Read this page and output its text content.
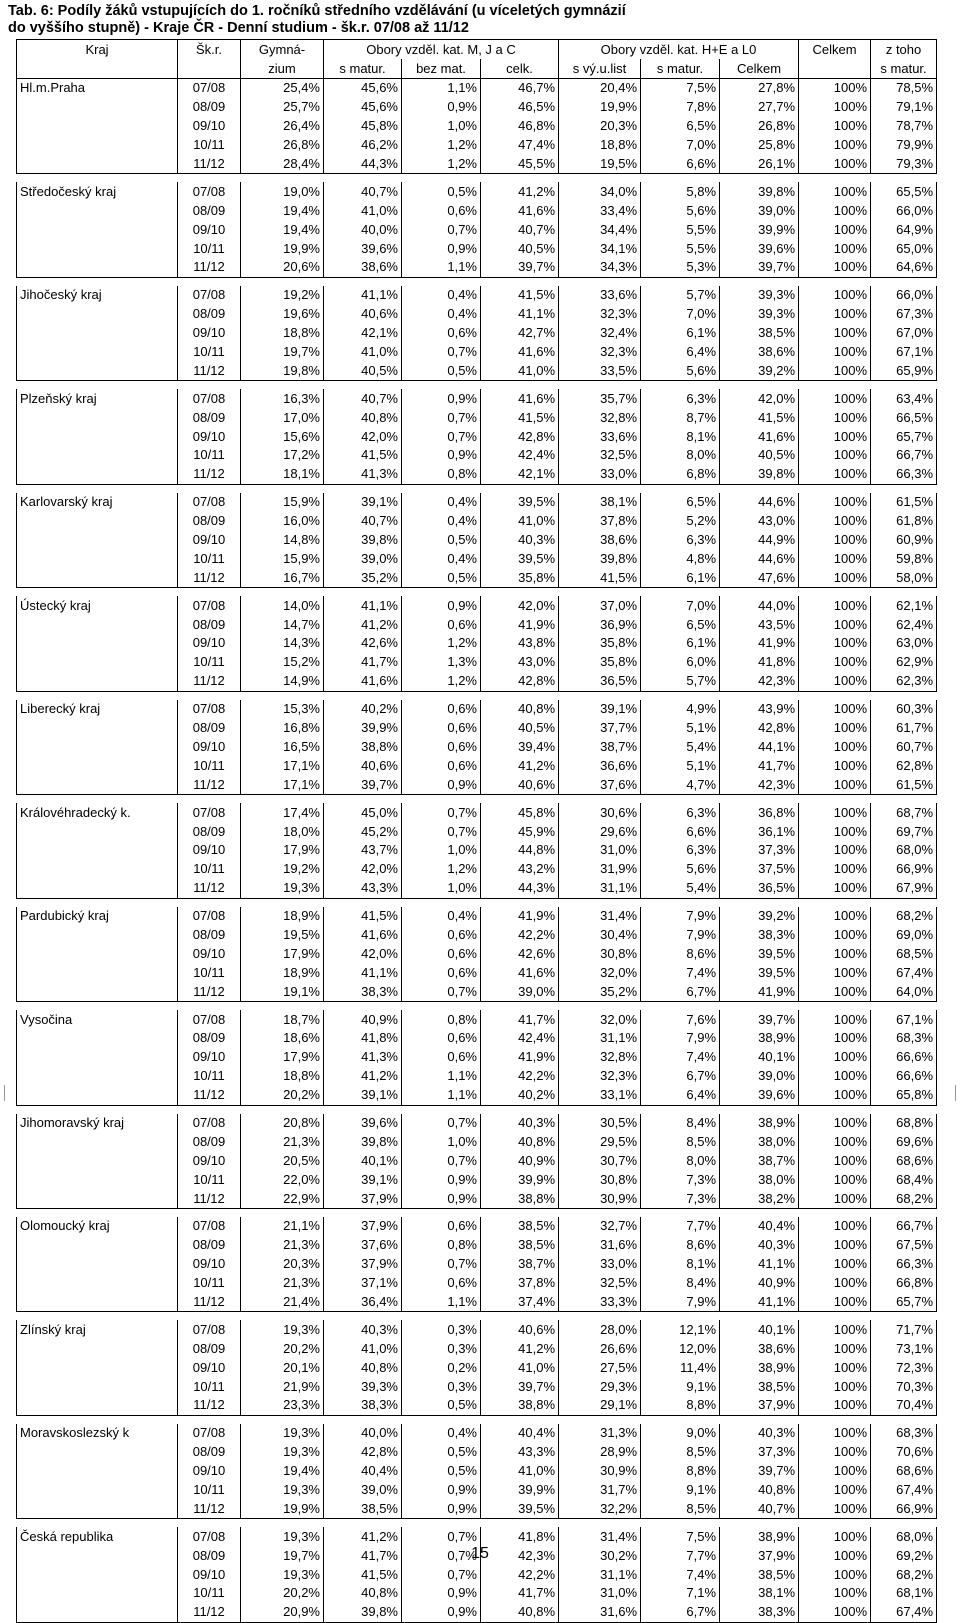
Tab. 6: Podíly žáků vstupujících do 1. ročníků středního vzdělávání (u víceletých gymnázií
do vyššího stupně) - Kraje ČR - Denní studium - šk.r. 07/08 až 11/12
Kraj	Šk.r.	Gymná-	Obory vzděl. kat. M, J a C			Obory vzděl. kat. H+E a L0			Celkem	z toho
		zium	s matur.	bez mat.	celk.	s vý.u.list	s matur.	Celkem		s matur.
Hl.m.Praha	07/08	25,4%	45,6%	1,1%	46,7%	20,4%	7,5%	27,8%	100%	78,5%
	08/09	25,7%	45,6%	0,9%	46,5%	19,9%	7,8%	27,7%	100%	79,1%
	09/10	26,4%	45,8%	1,0%	46,8%	20,3%	6,5%	26,8%	100%	78,7%
	10/11	26,8%	46,2%	1,2%	47,4%	18,8%	7,0%	25,8%	100%	79,9%
	11/12	28,4%	44,3%	1,2%	45,5%	19,5%	6,6%	26,1%	100%	79,3%

Středočeský kraj	07/08	19,0%	40,7%	0,5%	41,2%	34,0%	5,8%	39,8%	100%	65,5%
	08/09	19,4%	41,0%	0,6%	41,6%	33,4%	5,6%	39,0%	100%	66,0%
	09/10	19,4%	40,0%	0,7%	40,7%	34,4%	5,5%	39,9%	100%	64,9%
	10/11	19,9%	39,6%	0,9%	40,5%	34,1%	5,5%	39,6%	100%	65,0%
	11/12	20,6%	38,6%	1,1%	39,7%	34,3%	5,3%	39,7%	100%	64,6%

Jihočeský kraj	07/08	19,2%	41,1%	0,4%	41,5%	33,6%	5,7%	39,3%	100%	66,0%
	08/09	19,6%	40,6%	0,4%	41,1%	32,3%	7,0%	39,3%	100%	67,3%
	09/10	18,8%	42,1%	0,6%	42,7%	32,4%	6,1%	38,5%	100%	67,0%
	10/11	19,7%	41,0%	0,7%	41,6%	32,3%	6,4%	38,6%	100%	67,1%
	11/12	19,8%	40,5%	0,5%	41,0%	33,5%	5,6%	39,2%	100%	65,9%

Plzeňský kraj	07/08	16,3%	40,7%	0,9%	41,6%	35,7%	6,3%	42,0%	100%	63,4%
	08/09	17,0%	40,8%	0,7%	41,5%	32,8%	8,7%	41,5%	100%	66,5%
	09/10	15,6%	42,0%	0,7%	42,8%	33,6%	8,1%	41,6%	100%	65,7%
	10/11	17,2%	41,5%	0,9%	42,4%	32,5%	8,0%	40,5%	100%	66,7%
	11/12	18,1%	41,3%	0,8%	42,1%	33,0%	6,8%	39,8%	100%	66,3%

Karlovarský kraj	07/08	15,9%	39,1%	0,4%	39,5%	38,1%	6,5%	44,6%	100%	61,5%
	08/09	16,0%	40,7%	0,4%	41,0%	37,8%	5,2%	43,0%	100%	61,8%
	09/10	14,8%	39,8%	0,5%	40,3%	38,6%	6,3%	44,9%	100%	60,9%
	10/11	15,9%	39,0%	0,4%	39,5%	39,8%	4,8%	44,6%	100%	59,8%
	11/12	16,7%	35,2%	0,5%	35,8%	41,5%	6,1%	47,6%	100%	58,0%

Ústecký kraj	07/08	14,0%	41,1%	0,9%	42,0%	37,0%	7,0%	44,0%	100%	62,1%
	08/09	14,7%	41,2%	0,6%	41,9%	36,9%	6,5%	43,5%	100%	62,4%
	09/10	14,3%	42,6%	1,2%	43,8%	35,8%	6,1%	41,9%	100%	63,0%
	10/11	15,2%	41,7%	1,3%	43,0%	35,8%	6,0%	41,8%	100%	62,9%
	11/12	14,9%	41,6%	1,2%	42,8%	36,5%	5,7%	42,3%	100%	62,3%

Liberecký kraj	07/08	15,3%	40,2%	0,6%	40,8%	39,1%	4,9%	43,9%	100%	60,3%
	08/09	16,8%	39,9%	0,6%	40,5%	37,7%	5,1%	42,8%	100%	61,7%
	09/10	16,5%	38,8%	0,6%	39,4%	38,7%	5,4%	44,1%	100%	60,7%
	10/11	17,1%	40,6%	0,6%	41,2%	36,6%	5,1%	41,7%	100%	62,8%
	11/12	17,1%	39,7%	0,9%	40,6%	37,6%	4,7%	42,3%	100%	61,5%

Královéhradecký k.	07/08	17,4%	45,0%	0,7%	45,8%	30,6%	6,3%	36,8%	100%	68,7%
	08/09	18,0%	45,2%	0,7%	45,9%	29,6%	6,6%	36,1%	100%	69,7%
	09/10	17,9%	43,7%	1,0%	44,8%	31,0%	6,3%	37,3%	100%	68,0%
	10/11	19,2%	42,0%	1,2%	43,2%	31,9%	5,6%	37,5%	100%	66,9%
	11/12	19,3%	43,3%	1,0%	44,3%	31,1%	5,4%	36,5%	100%	67,9%

Pardubický kraj	07/08	18,9%	41,5%	0,4%	41,9%	31,4%	7,9%	39,2%	100%	68,2%
	08/09	19,5%	41,6%	0,6%	42,2%	30,4%	7,9%	38,3%	100%	69,0%
	09/10	17,9%	42,0%	0,6%	42,6%	30,8%	8,6%	39,5%	100%	68,5%
	10/11	18,9%	41,1%	0,6%	41,6%	32,0%	7,4%	39,5%	100%	67,4%
	11/12	19,1%	38,3%	0,7%	39,0%	35,2%	6,7%	41,9%	100%	64,0%

Vysočina	07/08	18,7%	40,9%	0,8%	41,7%	32,0%	7,6%	39,7%	100%	67,1%
	08/09	18,6%	41,8%	0,6%	42,4%	31,1%	7,9%	38,9%	100%	68,3%
	09/10	17,9%	41,3%	0,6%	41,9%	32,8%	7,4%	40,1%	100%	66,6%
	10/11	18,8%	41,2%	1,1%	42,2%	32,3%	6,7%	39,0%	100%	66,6%
	11/12	20,2%	39,1%	1,1%	40,2%	33,1%	6,4%	39,6%	100%	65,8%

Jihomoravský kraj	07/08	20,8%	39,6%	0,7%	40,3%	30,5%	8,4%	38,9%	100%	68,8%
	08/09	21,3%	39,8%	1,0%	40,8%	29,5%	8,5%	38,0%	100%	69,6%
	09/10	20,5%	40,1%	0,7%	40,9%	30,7%	8,0%	38,7%	100%	68,6%
	10/11	22,0%	39,1%	0,9%	39,9%	30,8%	7,3%	38,0%	100%	68,4%
	11/12	22,9%	37,9%	0,9%	38,8%	30,9%	7,3%	38,2%	100%	68,2%

Olomoucký kraj	07/08	21,1%	37,9%	0,6%	38,5%	32,7%	7,7%	40,4%	100%	66,7%
	08/09	21,3%	37,6%	0,8%	38,5%	31,6%	8,6%	40,3%	100%	67,5%
	09/10	20,3%	37,9%	0,7%	38,7%	33,0%	8,1%	41,1%	100%	66,3%
	10/11	21,3%	37,1%	0,6%	37,8%	32,5%	8,4%	40,9%	100%	66,8%
	11/12	21,4%	36,4%	1,1%	37,4%	33,3%	7,9%	41,1%	100%	65,7%

Zlínský kraj	07/08	19,3%	40,3%	0,3%	40,6%	28,0%	12,1%	40,1%	100%	71,7%
	08/09	20,2%	41,0%	0,3%	41,2%	26,6%	12,0%	38,6%	100%	73,1%
	09/10	20,1%	40,8%	0,2%	41,0%	27,5%	11,4%	38,9%	100%	72,3%
	10/11	21,9%	39,3%	0,3%	39,7%	29,3%	9,1%	38,5%	100%	70,3%
	11/12	23,3%	38,3%	0,5%	38,8%	29,1%	8,8%	37,9%	100%	70,4%

Moravskoslezský k	07/08	19,3%	40,0%	0,4%	40,4%	31,3%	9,0%	40,3%	100%	68,3%
	08/09	19,3%	42,8%	0,5%	43,3%	28,9%	8,5%	37,3%	100%	70,6%
	09/10	19,4%	40,4%	0,5%	41,0%	30,9%	8,8%	39,7%	100%	68,6%
	10/11	19,3%	39,0%	0,9%	39,9%	31,7%	9,1%	40,8%	100%	67,4%
	11/12	19,9%	38,5%	0,9%	39,5%	32,2%	8,5%	40,7%	100%	66,9%

Česká republika	07/08	19,3%	41,2%	0,7%	41,8%	31,4%	7,5%	38,9%	100%	68,0%
	08/09	19,7%	41,7%	0,7%	42,3%	30,2%	7,7%	37,9%	100%	69,2%
	09/10	19,3%	41,5%	0,7%	42,2%	31,1%	7,4%	38,5%	100%	68,2%
	10/11	20,2%	40,8%	0,9%	41,7%	31,0%	7,1%	38,1%	100%	68,1%
	11/12	20,9%	39,8%	0,9%	40,8%	31,6%	6,7%	38,3%	100%	67,4%
15
